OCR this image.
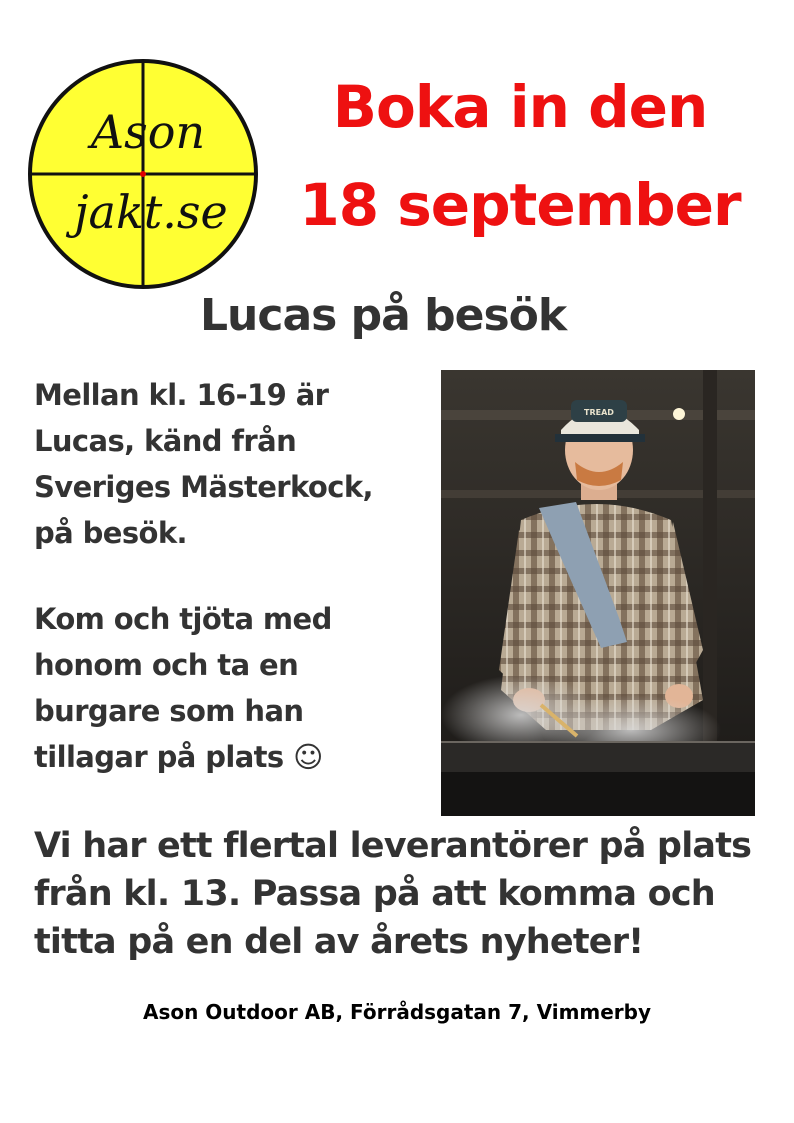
Ason
jakt.se

Boka in den

18 september

Lucas på besök

Mellan kl. 16-19 är
Lucas, känd från
Sveriges Mästerkock,
på besök.

Kom och tjöta med
honom och ta en
burgare som han
tillagar på plats ☺

TREAD

Vi har ett flertal leverantörer på plats
från kl. 13. Passa på att komma och
titta på en del av årets nyheter!

Ason Outdoor AB, Förrådsgatan 7, Vimmerby
